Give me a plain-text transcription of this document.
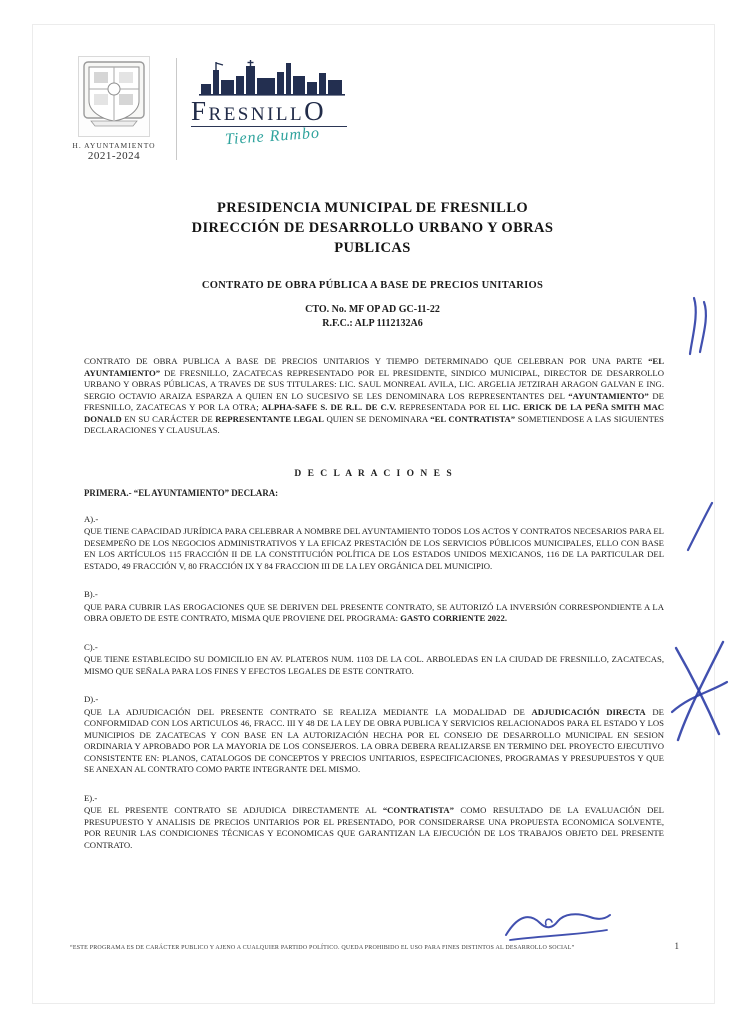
H. AYUNTAMIENTO
2021-2024
FresnillO
Tiene Rumbo
PRESIDENCIA MUNICIPAL DE FRESNILLO
DIRECCIÓN DE DESARROLLO URBANO Y OBRAS
PUBLICAS
CONTRATO DE OBRA PÚBLICA A BASE DE PRECIOS UNITARIOS
CTO. No. MF OP AD GC-11-22
R.F.C.: ALP 1112132A6

CONTRATO DE OBRA PUBLICA A BASE DE PRECIOS UNITARIOS Y TIEMPO DETERMINADO QUE CELEBRAN POR UNA PARTE “EL AYUNTAMIENTO” DE FRESNILLO, ZACATECAS REPRESENTADO POR EL PRESIDENTE, SINDICO MUNICIPAL, DIRECTOR DE DESARROLLO URBANO Y OBRAS PÚBLICAS, A TRAVES DE SUS TITULARES: LIC. SAUL MONREAL AVILA, LIC. ARGELIA JETZIRAH ARAGON GALVAN E ING. SERGIO OCTAVIO ARAIZA ESPARZA A QUIEN EN LO SUCESIVO SE LES DENOMINARA LOS REPRESENTANTES DEL “AYUNTAMIENTO” DE FRESNILLO, ZACATECAS Y POR LA OTRA; ALPHA-SAFE S. DE R.L. DE C.V. REPRESENTADA POR EL LIC. ERICK DE LA PEÑA SMITH MAC DONALD EN SU CARÁCTER DE REPRESENTANTE LEGAL QUIEN SE DENOMINARA “EL CONTRATISTA” SOMETIENDOSE A LAS SIGUIENTES DECLARACIONES Y CLAUSULAS.

D E C L A R A C I O N E S

PRIMERA.- “EL AYUNTAMIENTO” DECLARA:

A).-

QUE TIENE CAPACIDAD JURÍDICA PARA CELEBRAR A NOMBRE DEL AYUNTAMIENTO TODOS LOS ACTOS Y CONTRATOS NECESARIOS PARA EL DESEMPEÑO DE LOS NEGOCIOS ADMINISTRATIVOS Y LA EFICAZ PRESTACIÓN DE LOS SERVICIOS PÚBLICOS MUNICIPALES, ELLO CON BASE EN LOS ARTÍCULOS 115 FRACCIÓN II DE LA CONSTITUCIÓN POLÍTICA DE LOS ESTADOS UNIDOS MEXICANOS, 116 DE LA PARTICULAR DEL ESTADO, 49 FRACCIÓN V, 80 FRACCIÓN IX Y 84 FRACCION III DE LA LEY ORGÁNICA DEL MUNICIPIO.

B).-

QUE PARA CUBRIR LAS EROGACIONES QUE SE DERIVEN DEL PRESENTE CONTRATO, SE AUTORIZÓ LA INVERSIÓN CORRESPONDIENTE A LA OBRA OBJETO DE ESTE CONTRATO, MISMA QUE PROVIENE DEL PROGRAMA: GASTO CORRIENTE 2022.

C).-

QUE TIENE ESTABLECIDO SU DOMICILIO EN AV. PLATEROS NUM. 1103 DE LA COL. ARBOLEDAS EN LA CIUDAD DE FRESNILLO, ZACATECAS, MISMO QUE SEÑALA PARA LOS FINES Y EFECTOS LEGALES DE ESTE CONTRATO.

D).-

QUE LA ADJUDICACIÓN DEL PRESENTE CONTRATO SE REALIZA MEDIANTE LA MODALIDAD DE ADJUDICACIÓN DIRECTA DE CONFORMIDAD CON LOS ARTICULOS 46, FRACC. III Y 48 DE LA LEY DE OBRA PUBLICA Y SERVICIOS RELACIONADOS PARA EL ESTADO Y LOS MUNICIPIOS DE ZACATECAS Y CON BASE EN LA AUTORIZACIÓN HECHA POR EL CONSEJO DE DESARROLLO MUNICIPAL EN SESION ORDINARIA Y APROBADO POR LA MAYORIA DE LOS CONSEJEROS. LA OBRA DEBERA REALIZARSE EN TERMINO DEL PROYECTO EJECUTIVO CONSISTENTE EN: PLANOS, CATALOGOS DE CONCEPTOS Y PRECIOS UNITARIOS, ESPECIFICACIONES, PROGRAMAS Y PRESUPUESTOS Y QUE SE ANEXAN AL CONTRATO COMO PARTE INTEGRANTE DEL MISMO.

E).-

QUE EL PRESENTE CONTRATO SE ADJUDICA DIRECTAMENTE AL “CONTRATISTA” COMO RESULTADO DE LA EVALUACIÓN DEL PRESUPUESTO Y ANALISIS DE PRECIOS UNITARIOS POR EL PRESENTADO, POR CONSIDERARSE UNA PROPUESTA ECONOMICA SOLVENTE, POR REUNIR LAS CONDICIONES TÉCNICAS Y ECONOMICAS QUE GARANTIZAN LA EJECUCIÓN DE LOS TRABAJOS OBJETO DEL PRESENTE CONTRATO.

“ESTE PROGRAMA ES DE CARÁCTER PUBLICO Y AJENO A CUALQUIER PARTIDO POLÍTICO. QUEDA PROHIBIDO EL USO PARA FINES DISTINTOS AL DESARROLLO SOCIAL”	1
